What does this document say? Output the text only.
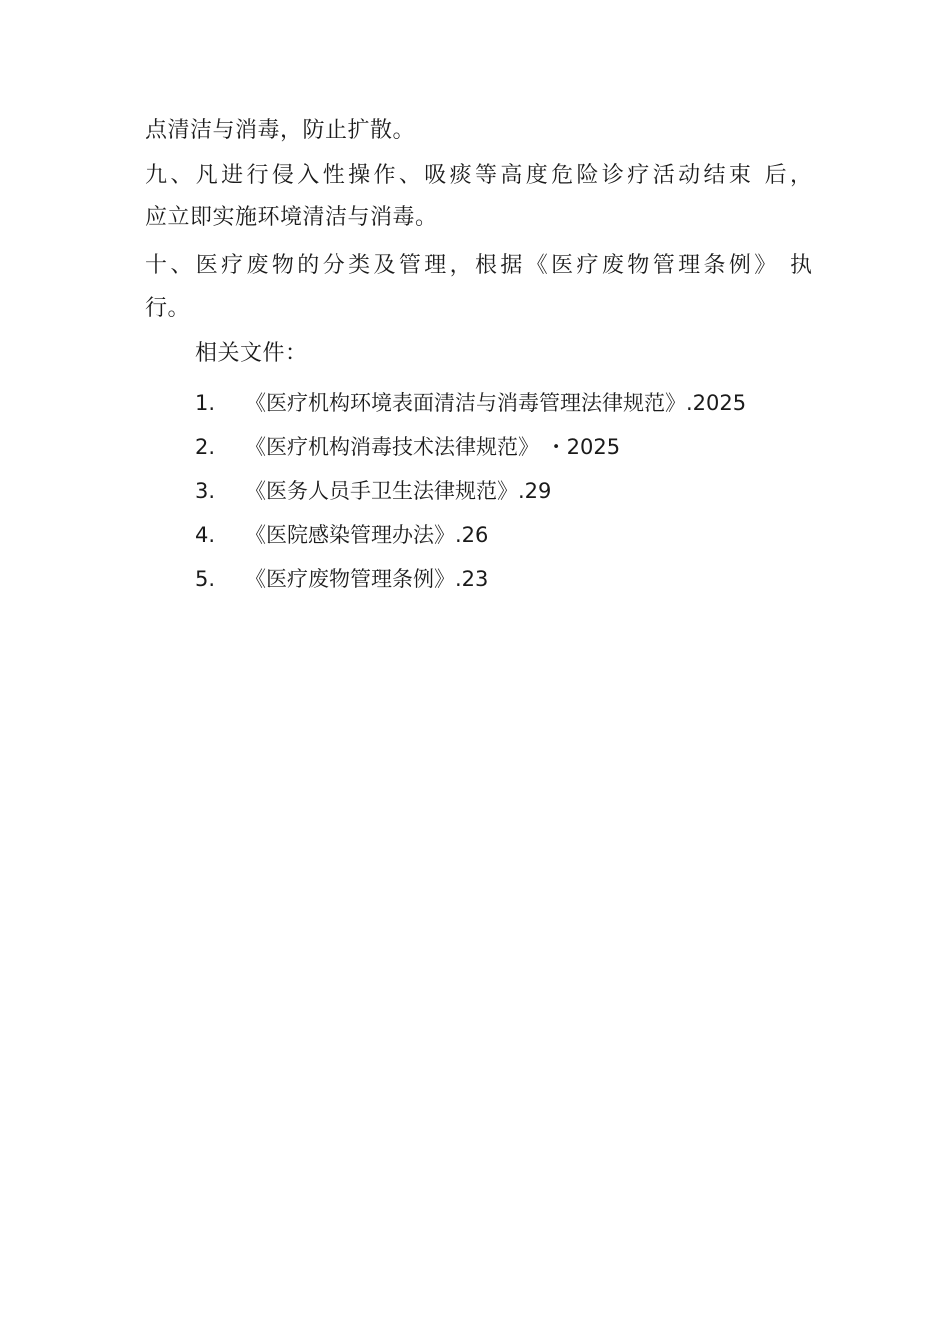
点清洁与消毒，防止扩散。
九、凡进行侵入性操作、吸痰等高度危险诊疗活动结束 后，
应立即实施环境清洁与消毒。
十、医疗废物的分类及管理，根据《医疗废物管理条例》 执
行。
相关文件：
1. 《医疗机构环境表面清洁与消毒管理法律规范》.2025
2. 《医疗机构消毒技术法律规范》 ・2025
3. 《医务人员手卫生法律规范》.29
4. 《医院感染管理办法》.26
5. 《医疗废物管理条例》.23
